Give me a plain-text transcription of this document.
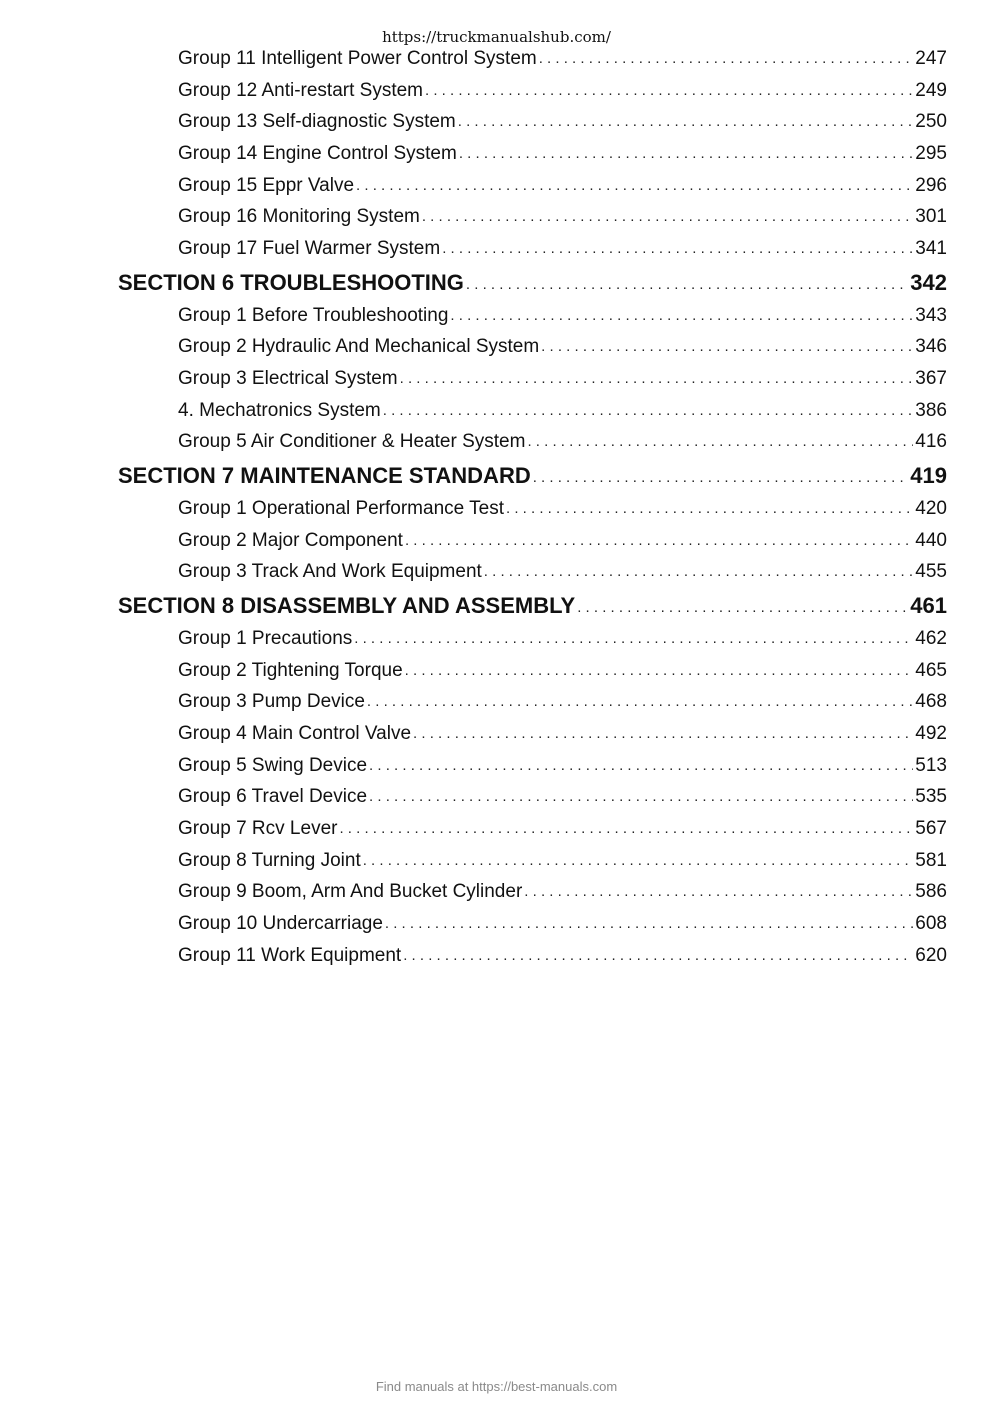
https://truckmanualshub.com/
Group 11 Intelligent Power Control System . . .	247
Group 12 Anti-restart System . . .	249
Group 13 Self-diagnostic System . . .	250
Group 14 Engine Control System . . .	295
Group 15 Eppr Valve . . .	296
Group 16 Monitoring System . . .	301
Group 17 Fuel Warmer System . . .	341
SECTION 6 TROUBLESHOOTING . . .	342
Group 1 Before Troubleshooting . . .	343
Group 2 Hydraulic And Mechanical System . . .	346
Group 3 Electrical System . . .	367
4. Mechatronics System . . .	386
Group 5 Air Conditioner & Heater System . . .	416
SECTION 7 MAINTENANCE STANDARD . . .	419
Group 1 Operational Performance Test . . .	420
Group 2 Major Component . . .	440
Group 3 Track And Work Equipment . . .	455
SECTION 8 DISASSEMBLY AND ASSEMBLY . . .	461
Group 1 Precautions . . .	462
Group 2 Tightening Torque . . .	465
Group 3 Pump Device . . .	468
Group 4 Main Control Valve . . .	492
Group 5 Swing Device . . .	513
Group 6 Travel Device . . .	535
Group 7 Rcv Lever . . .	567
Group 8 Turning Joint . . .	581
Group 9 Boom, Arm And Bucket Cylinder . . .	586
Group 10 Undercarriage . . .	608
Group 11 Work Equipment . . .	620
Find manuals at https://best-manuals.com
